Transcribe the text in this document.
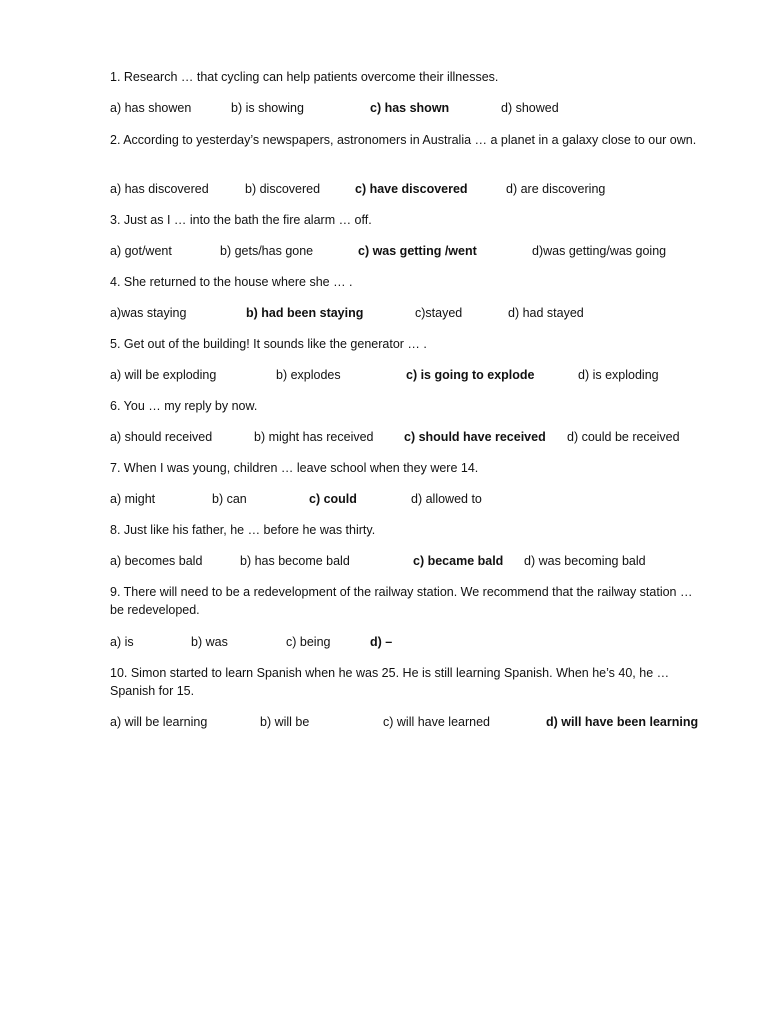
1. Research … that cycling can help patients overcome their illnesses.
a) has showen	b) is showing	c) has shown	d) showed
2. According to yesterday’s newspapers, astronomers in Australia … a planet in a galaxy close to our own.
a) has discovered	b) discovered	c) have discovered	d) are discovering
3. Just as I … into the bath the fire alarm … off.
a) got/went	b) gets/has gone	c) was getting /went	d)was getting/was going
4. She returned to the house where she … .
a)was staying	b) had been staying	c)stayed	d) had stayed
5. Get out of the building! It sounds like the generator … .
a) will be exploding	b) explodes	c) is going to explode	d) is exploding
6. You … my reply by now.
a) should received	b) might has received c) should have received d) could be received
7. When I was young, children … leave school when they were 14.
a) might	b) can	c) could	d) allowed to
8. Just like his father, he … before he was thirty.
a) becomes bald	b) has become bald	c) became bald d) was becoming bald
9. There will need to be a redevelopment of the railway station. We recommend that the railway station … be redeveloped.
a) is	b) was	c) being	d) –
10. Simon started to learn Spanish when he was 25. He is still learning Spanish. When he’s 40, he … Spanish for 15.
a) will be learning	b) will be	c) will have learned	d) will have been learning
